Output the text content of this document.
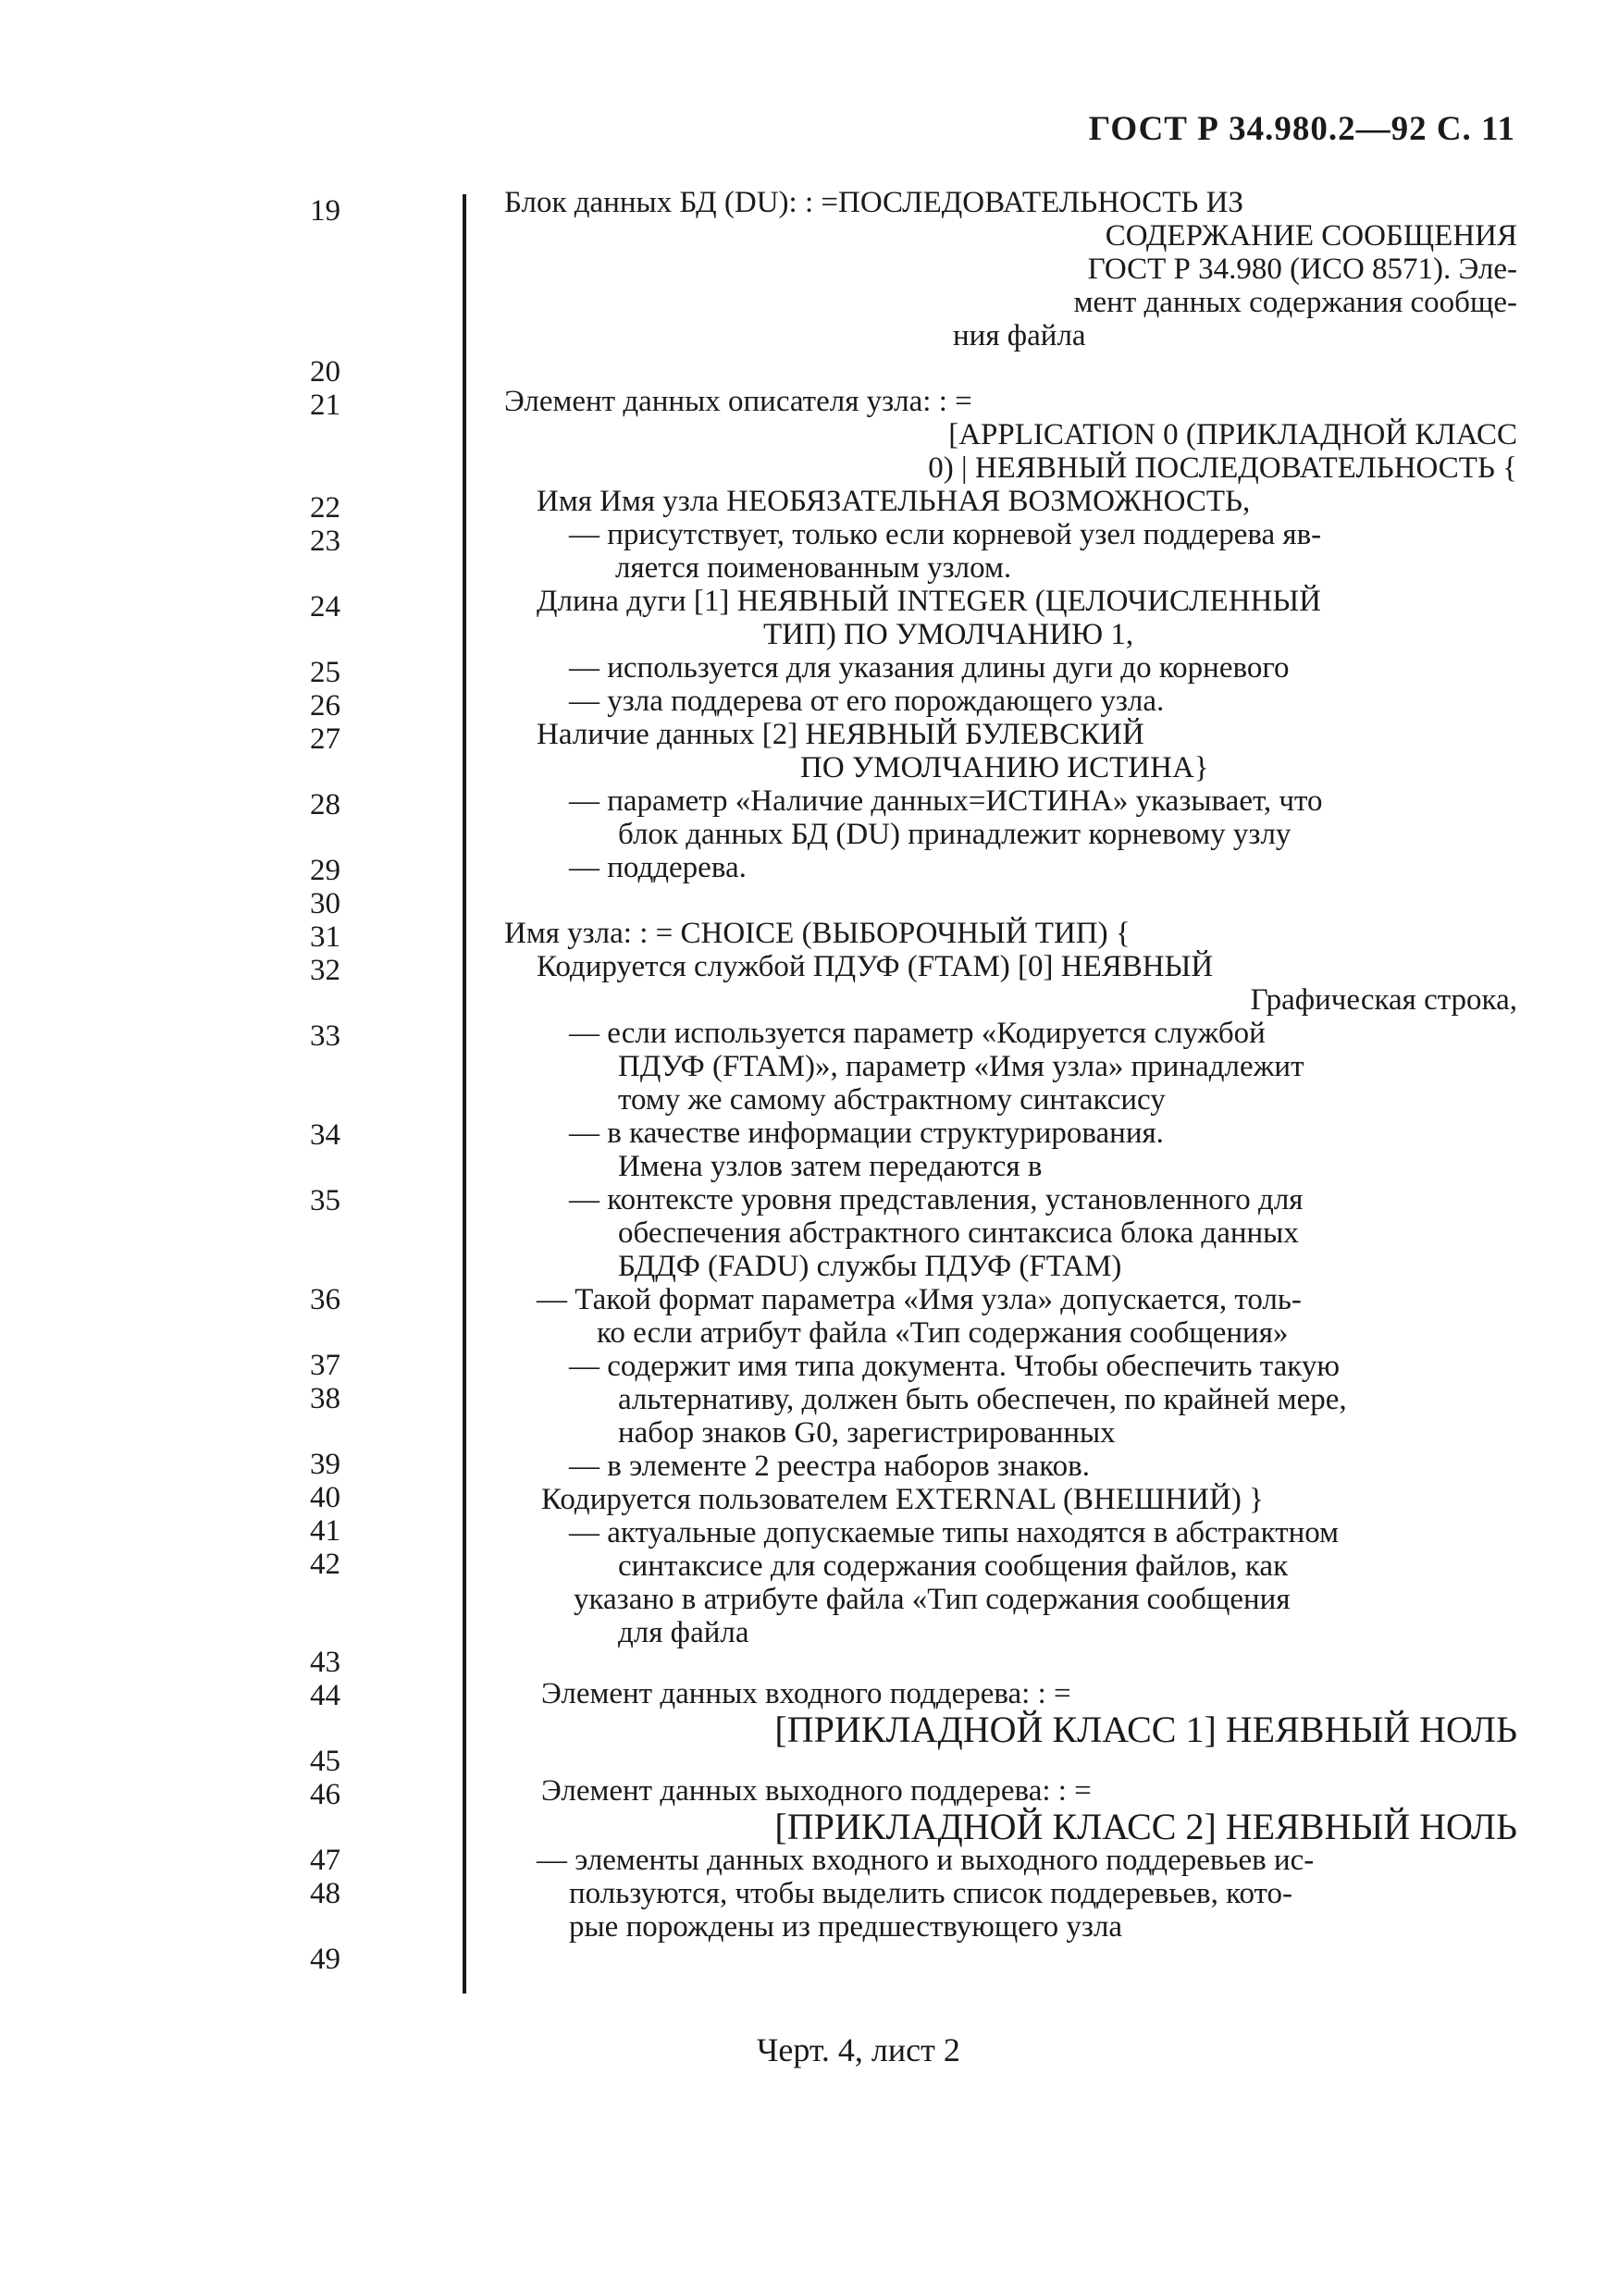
ГОСТ Р 34.980.2—92 С. 11
19
20
21
22
23
24
25
26
27
28
29
30
31
32
33
34
35
36
37
38
39
40
41
42
43
44
45
46
47
48
49
Блок данных БД (DU): : =ПОСЛЕДОВАТЕЛЬНОСТЬ ИЗ
СОДЕРЖАНИЕ СООБЩЕНИЯ
ГОСТ Р 34.980 (ИСО 8571). Эле-
мент данных содержания сообще-
ния файла
Элемент данных описателя узла: : =
[APPLICATION 0 (ПРИКЛАДНОЙ КЛАСС
0) | НЕЯВНЫЙ ПОСЛЕДОВАТЕЛЬНОСТЬ {
Имя Имя узла НЕОБЯЗАТЕЛЬНАЯ ВОЗМОЖНОСТЬ,
— присутствует, только если корневой узел поддерева яв-
ляется поименованным узлом.
Длина дуги [1] НЕЯВНЫЙ INTEGER (ЦЕЛОЧИСЛЕННЫЙ
ТИП) ПО УМОЛЧАНИЮ 1,
— используется для указания длины дуги до корневого
— узла поддерева от его порождающего узла.
Наличие данных [2] НЕЯВНЫЙ БУЛЕВСКИЙ
ПО УМОЛЧАНИЮ ИСТИНА}
— параметр «Наличие данных=ИСТИНА» указывает, что
блок данных БД (DU) принадлежит корневому узлу
— поддерева.
Имя узла: : = CHOICE (ВЫБОРОЧНЫЙ ТИП) {
Кодируется службой ПДУФ (FTAM) [0] НЕЯВНЫЙ
Графическая строка,
— если используется параметр «Кодируется службой
ПДУФ (FTAM)», параметр «Имя узла» принадлежит
тому же самому абстрактному синтаксису
— в качестве информации структурирования.
Имена узлов затем передаются в
— контексте уровня представления, установленного для
обеспечения абстрактного синтаксиса блока данных
БДДФ (FADU) службы ПДУФ (FTAM)
— Такой формат параметра «Имя узла» допускается, толь-
ко если атрибут файла «Тип содержания сообщения»
— содержит имя типа документа. Чтобы обеспечить такую
альтернативу, должен быть обеспечен, по крайней мере,
набор знаков G0, зарегистрированных
— в элементе 2 реестра наборов знаков.
Кодируется пользователем EXTERNAL (ВНЕШНИЙ) }
— актуальные допускаемые типы находятся в абстрактном
синтаксисе для содержания сообщения файлов, как
указано в атрибуте файла «Тип содержания сообщения
для файла
Элемент данных входного поддерева: : =
[ПРИКЛАДНОЙ КЛАСС 1] НЕЯВНЫЙ НОЛЬ
Элемент данных выходного поддерева: : =
[ПРИКЛАДНОЙ КЛАСС 2] НЕЯВНЫЙ НОЛЬ
— элементы данных входного и выходного поддеревьев ис-
пользуются, чтобы выделить список поддеревьев, кото-
рые порождены из предшествующего узла
Черт. 4, лист 2
